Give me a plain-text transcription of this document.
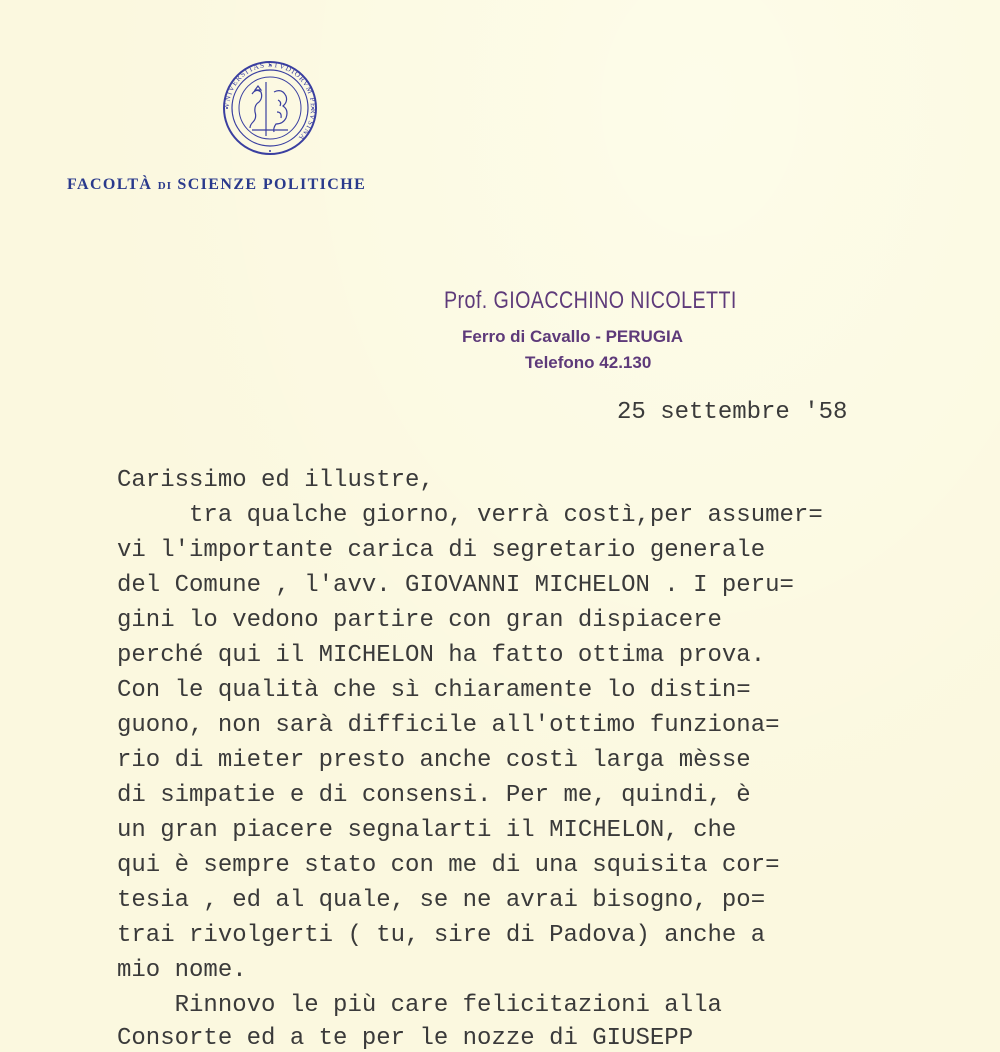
VNIVERSITAS STVDIORVM PERVSINA
FACOLTÀ DI SCIENZE POLITICHE
Prof. GIOACCHINO NICOLETTI
Ferro di Cavallo - PERUGIA
Telefono 42.130
25 settembre '58
Carissimo ed illustre,
tra qualche giorno, verrà costì,per assumer=
vi l'importante carica di segretario generale
del Comune , l'avv. GIOVANNI MICHELON . I peru=
gini lo vedono partire con gran dispiacere
perché qui il MICHELON ha fatto ottima prova.
Con le qualità che sì chiaramente lo distin=
guono, non sarà difficile all'ottimo funziona=
rio di mieter presto anche costì larga mèsse
di simpatie e di consensi. Per me, quindi, è
un gran piacere segnalarti il MICHELON, che
qui è sempre stato con me di una squisita cor=
tesia , ed al quale, se ne avrai bisogno, po=
trai rivolgerti ( tu, sire di Padova) anche a
mio nome.
Rinnovo le più care felicitazioni alla
Consorte ed a te per le nozze di GIUSEPP
